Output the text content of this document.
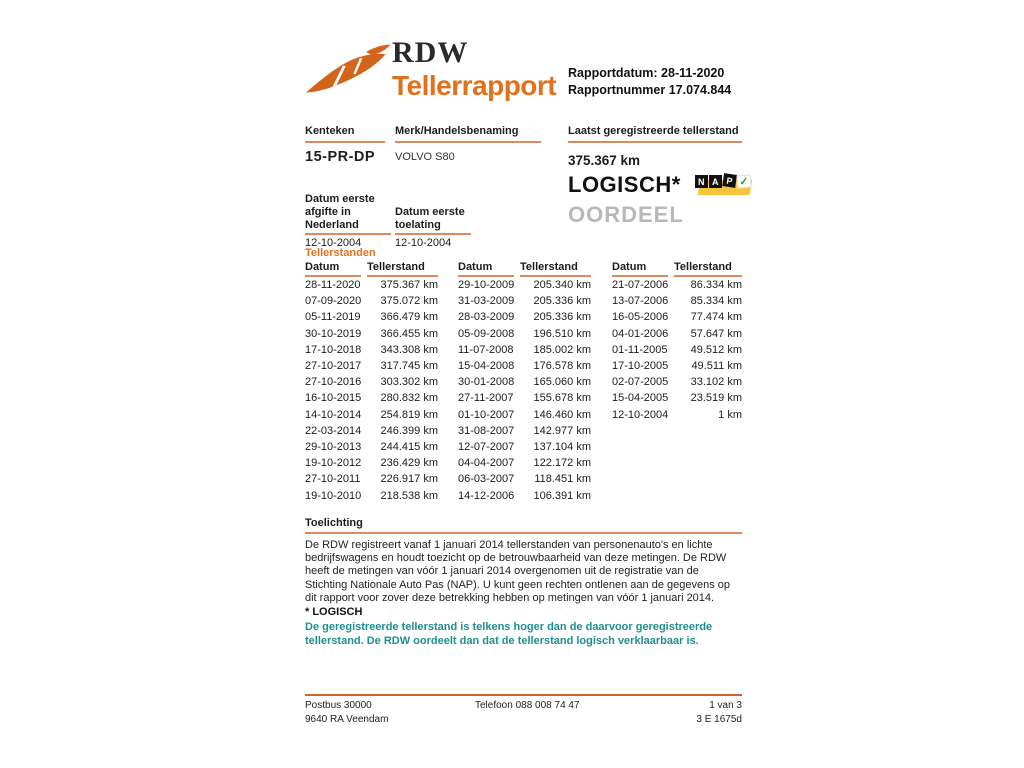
RDW
Tellerrapport Rapportdatum: 28-11-2020
Rapportnummer 17.074.844
Kenteken
15-PR-DP
Merk/Handelsbenaming
VOLVO S80
Laatst geregistreerde tellerstand
375.367 km
Datum eerste afgifte in Nederland
12-10-2004
Datum eerste toelating
12-10-2004
LOGISCH*	N A P ✓
OORDEEL
Tellerstanden
Datum	Tellerstand
28-11-2020	375.367 km
07-09-2020	375.072 km
05-11-2019	366.479 km
30-10-2019	366.455 km
17-10-2018	343.308 km
27-10-2017	317.745 km
27-10-2016	303.302 km
16-10-2015	280.832 km
14-10-2014	254.819 km
22-03-2014	246.399 km
29-10-2013	244.415 km
19-10-2012	236.429 km
27-10-2011	226.917 km
19-10-2010	218.538 km
Datum	Tellerstand
29-10-2009	205.340 km
31-03-2009	205.336 km
28-03-2009	205.336 km
05-09-2008	196.510 km
11-07-2008	185.002 km
15-04-2008	176.578 km
30-01-2008	165.060 km
27-11-2007	155.678 km
01-10-2007	146.460 km
31-08-2007	142.977 km
12-07-2007	137.104 km
04-04-2007	122.172 km
06-03-2007	118.451 km
14-12-2006	106.391 km
Datum	Tellerstand
21-07-2006	86.334 km
13-07-2006	85.334 km
16-05-2006	77.474 km
04-01-2006	57.647 km
01-11-2005	49.512 km
17-10-2005	49.511 km
02-07-2005	33.102 km
15-04-2005	23.519 km
12-10-2004	1 km
Toelichting
De RDW registreert vanaf 1 januari 2014 tellerstanden van personenauto's en lichte bedrijfswagens en houdt toezicht op de betrouwbaarheid van deze metingen. De RDW heeft de metingen van vóór 1 januari 2014 overgenomen uit de registratie van de Stichting Nationale Auto Pas (NAP). U kunt geen rechten ontlenen aan de gegevens op dit rapport voor zover deze betrekking hebben op metingen van vóór 1 januari 2014.
* LOGISCH
De geregistreerde tellerstand is telkens hoger dan de daarvoor geregistreerde tellerstand. De RDW oordeelt dan dat de tellerstand logisch verklaarbaar is.
Postbus 30000	Telefoon 088 008 74 47	1 van 3
9640 RA Veendam	3 E 1675d
